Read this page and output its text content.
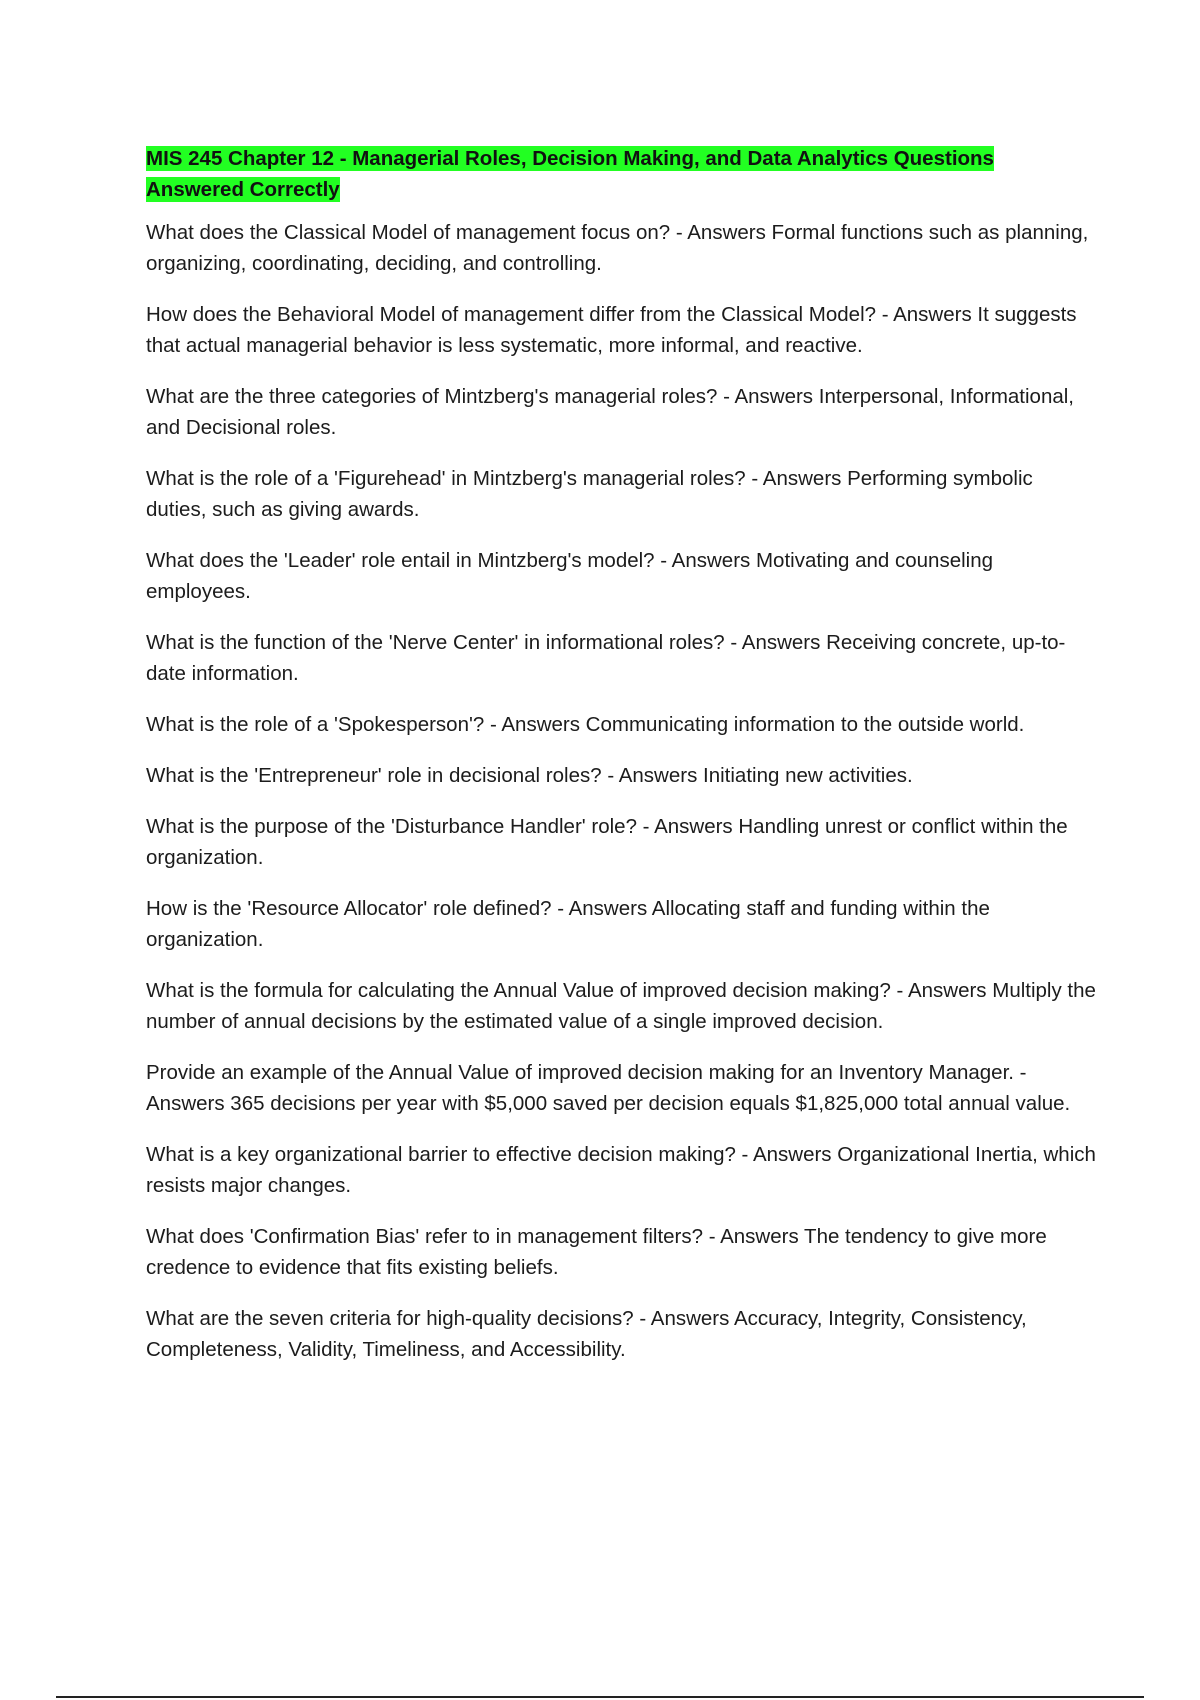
MIS 245 Chapter 12 - Managerial Roles, Decision Making, and Data Analytics Questions Answered Correctly

What does the Classical Model of management focus on? - Answers Formal functions such as planning, organizing, coordinating, deciding, and controlling.

How does the Behavioral Model of management differ from the Classical Model? - Answers It suggests that actual managerial behavior is less systematic, more informal, and reactive.

What are the three categories of Mintzberg's managerial roles? - Answers Interpersonal, Informational, and Decisional roles.

What is the role of a 'Figurehead' in Mintzberg's managerial roles? - Answers Performing symbolic duties, such as giving awards.

What does the 'Leader' role entail in Mintzberg's model? - Answers Motivating and counseling employees.

What is the function of the 'Nerve Center' in informational roles? - Answers Receiving concrete, up-to-date information.

What is the role of a 'Spokesperson'? - Answers Communicating information to the outside world.

What is the 'Entrepreneur' role in decisional roles? - Answers Initiating new activities.

What is the purpose of the 'Disturbance Handler' role? - Answers Handling unrest or conflict within the organization.

How is the 'Resource Allocator' role defined? - Answers Allocating staff and funding within the organization.

What is the formula for calculating the Annual Value of improved decision making? - Answers Multiply the number of annual decisions by the estimated value of a single improved decision.

Provide an example of the Annual Value of improved decision making for an Inventory Manager. - Answers 365 decisions per year with $5,000 saved per decision equals $1,825,000 total annual value.

What is a key organizational barrier to effective decision making? - Answers Organizational Inertia, which resists major changes.

What does 'Confirmation Bias' refer to in management filters? - Answers The tendency to give more credence to evidence that fits existing beliefs.

What are the seven criteria for high-quality decisions? - Answers Accuracy, Integrity, Consistency, Completeness, Validity, Timeliness, and Accessibility.
